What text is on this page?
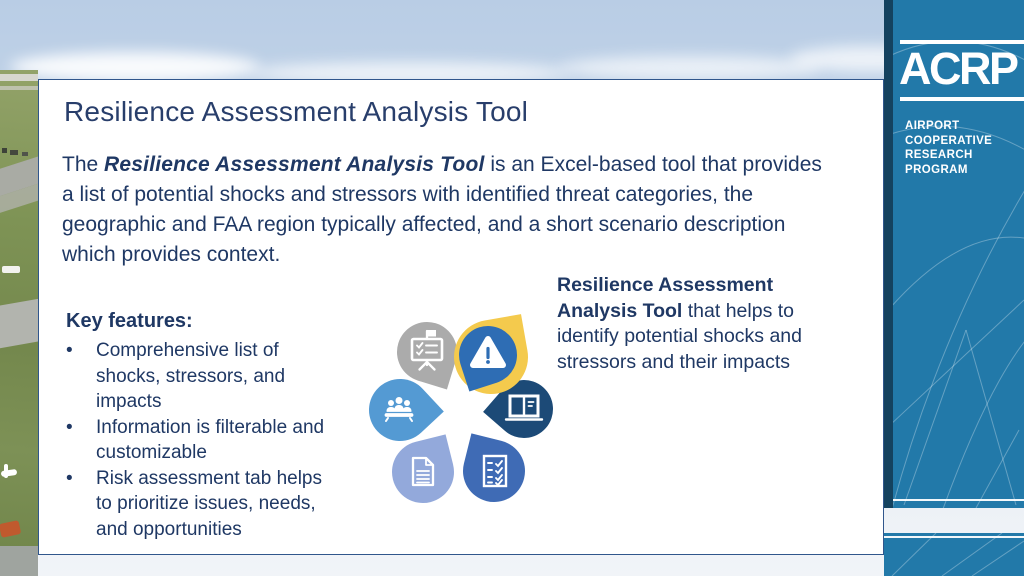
Resilience Assessment Analysis Tool
The Resilience Assessment Analysis Tool is an Excel-based tool that provides a list of potential shocks and stressors with identified threat categories, the geographic and FAA region typically affected, and a short scenario description which provides context.
Key features:
•	Comprehensive list of shocks, stressors, and impacts
•	Information is filterable and customizable
•	Risk assessment tab helps to prioritize issues, needs, and opportunities
Resilience Assessment Analysis Tool that helps to identify potential shocks and stressors and their impacts
ACRP
AIRPORT
COOPERATIVE
RESEARCH
PROGRAM
